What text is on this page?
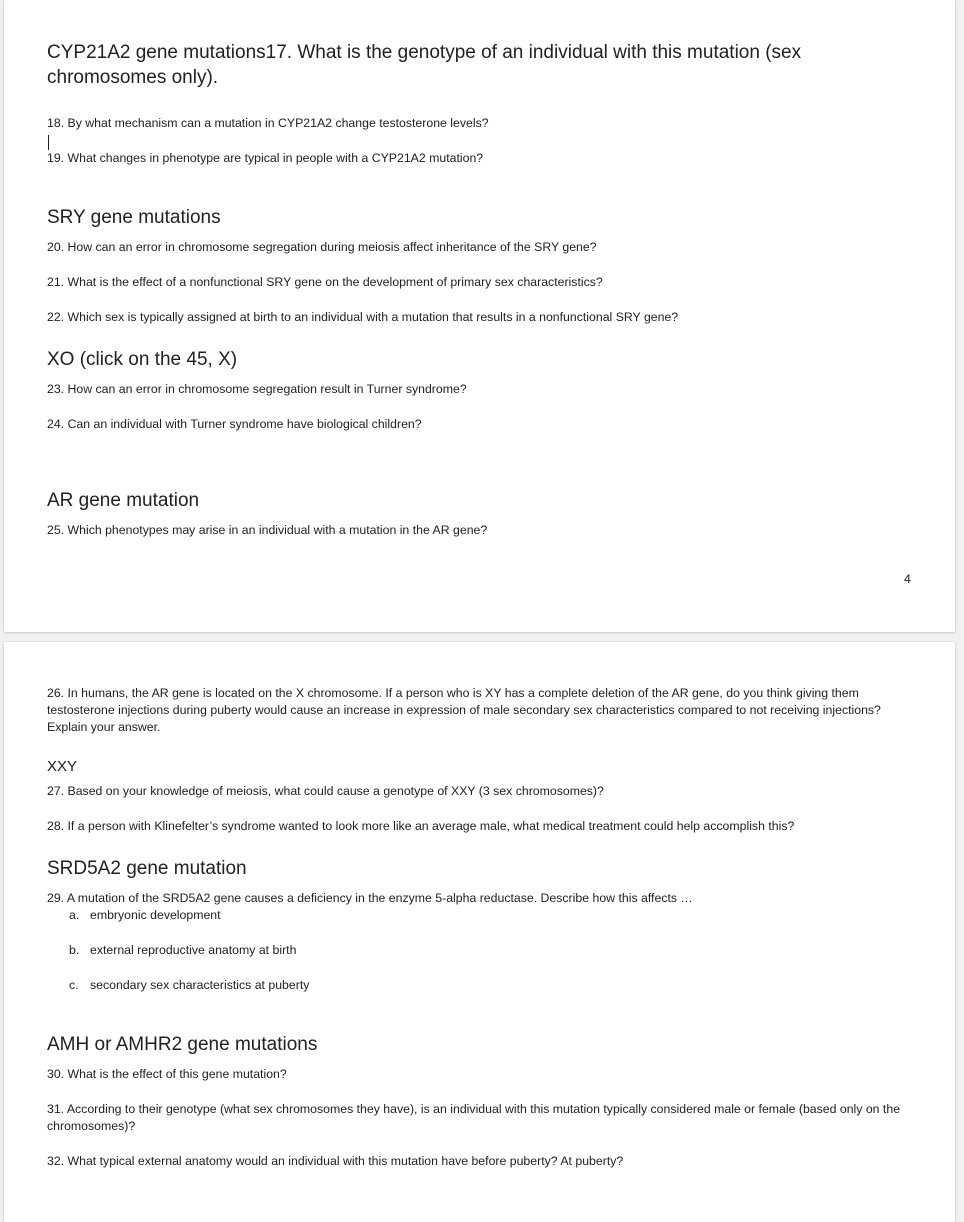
CYP21A2 gene mutations17. What is the genotype of an individual with this mutation (sex chromosomes only).

18. By what mechanism can a mutation in CYP21A2 change testosterone levels?

19. What changes in phenotype are typical in people with a CYP21A2 mutation?

SRY gene mutations

20. How can an error in chromosome segregation during meiosis affect inheritance of the SRY gene?

21. What is the effect of a nonfunctional SRY gene on the development of primary sex characteristics?

22. Which sex is typically assigned at birth to an individual with a mutation that results in a nonfunctional SRY gene?

XO (click on the 45, X)

23. How can an error in chromosome segregation result in Turner syndrome?

24. Can an individual with Turner syndrome have biological children?

AR gene mutation

25. Which phenotypes may arise in an individual with a mutation in the AR gene?

4

26. In humans, the AR gene is located on the X chromosome. If a person who is XY has a complete deletion of the AR gene, do you think giving them testosterone injections during puberty would cause an increase in expression of male secondary sex characteristics compared to not receiving injections? Explain your answer.

XXY

27. Based on your knowledge of meiosis, what could cause a genotype of XXY (3 sex chromosomes)?

28. If a person with Klinefelter’s syndrome wanted to look more like an average male, what medical treatment could help accomplish this?

SRD5A2 gene mutation

29. A mutation of the SRD5A2 gene causes a deficiency in the enzyme 5-alpha reductase. Describe how this affects …

a. embryonic development

b. external reproductive anatomy at birth

c. secondary sex characteristics at puberty

AMH or AMHR2 gene mutations

30. What is the effect of this gene mutation?

31. According to their genotype (what sex chromosomes they have), is an individual with this mutation typically considered male or female (based only on the chromosomes)?

32. What typical external anatomy would an individual with this mutation have before puberty? At puberty?
